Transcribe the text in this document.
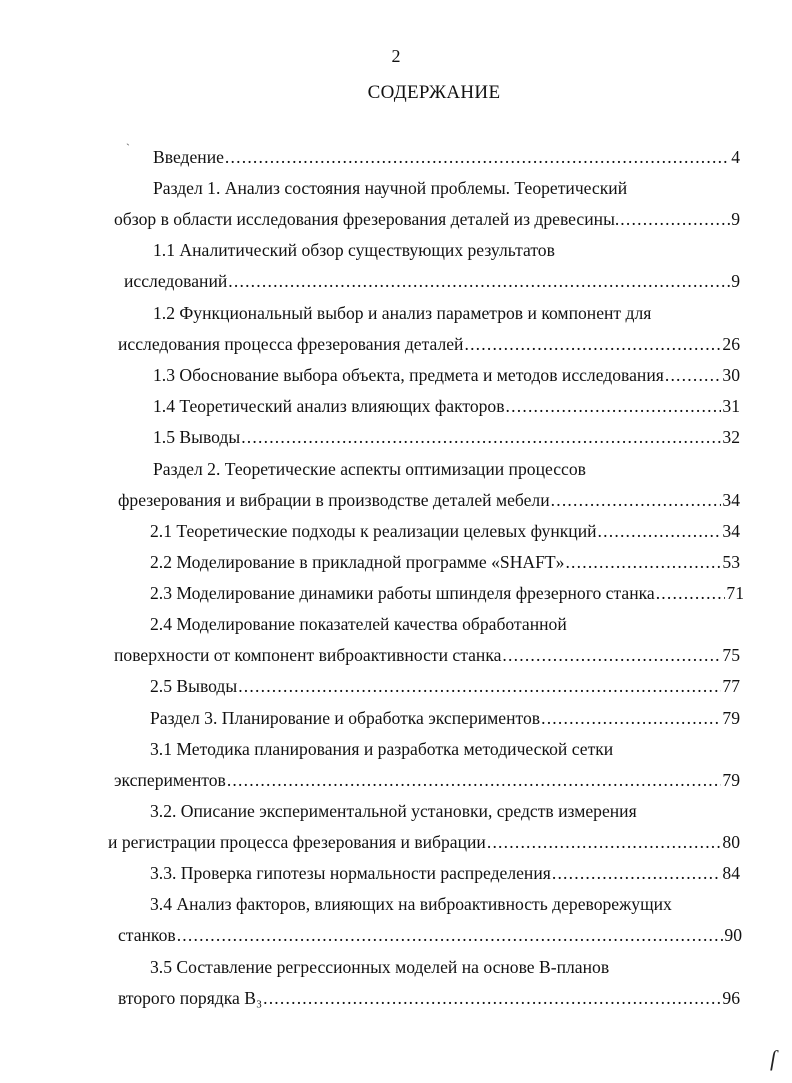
2
СОДЕРЖАНИЕ
` Введение .....	4
Раздел 1. Анализ состояния научной проблемы. Теоретический
обзор в области исследования фрезерования деталей из древесины. .....	9
1.1 Аналитический обзор существующих результатов
исследований .....	9
1.2 Функциональный выбор и анализ параметров и компонент для
исследования процесса фрезерования деталей .....	26
1.3 Обоснование выбора объекта, предмета и методов исследования .....	30
1.4 Теоретический анализ влияющих факторов .....	31
1.5 Выводы .....	32
Раздел 2. Теоретические аспекты оптимизации процессов
фрезерования и вибрации в производстве деталей мебели .....	34
2.1 Теоретические подходы к реализации целевых функций .....	34
2.2 Моделирование в прикладной программе «SHAFT» .....	53
2.3 Моделирование динамики работы шпинделя фрезерного станка .....	71
2.4 Моделирование показателей качества обработанной
поверхности от компонент виброактивности станка .....	75
2.5 Выводы .....	77
Раздел 3. Планирование и обработка экспериментов .....	79
3.1 Методика планирования и разработка методической сетки
экспериментов .....	79
3.2. Описание экспериментальной установки, средств измерения
и регистрации процесса фрезерования и вибрации .....	80
3.3. Проверка гипотезы нормальности распределения .....	84
3.4 Анализ факторов, влияющих на виброактивность дереворежущих
станков .....	90
3.5 Составление регрессионных моделей на основе B-планов
второго порядка B₃ .....	96
ſ
